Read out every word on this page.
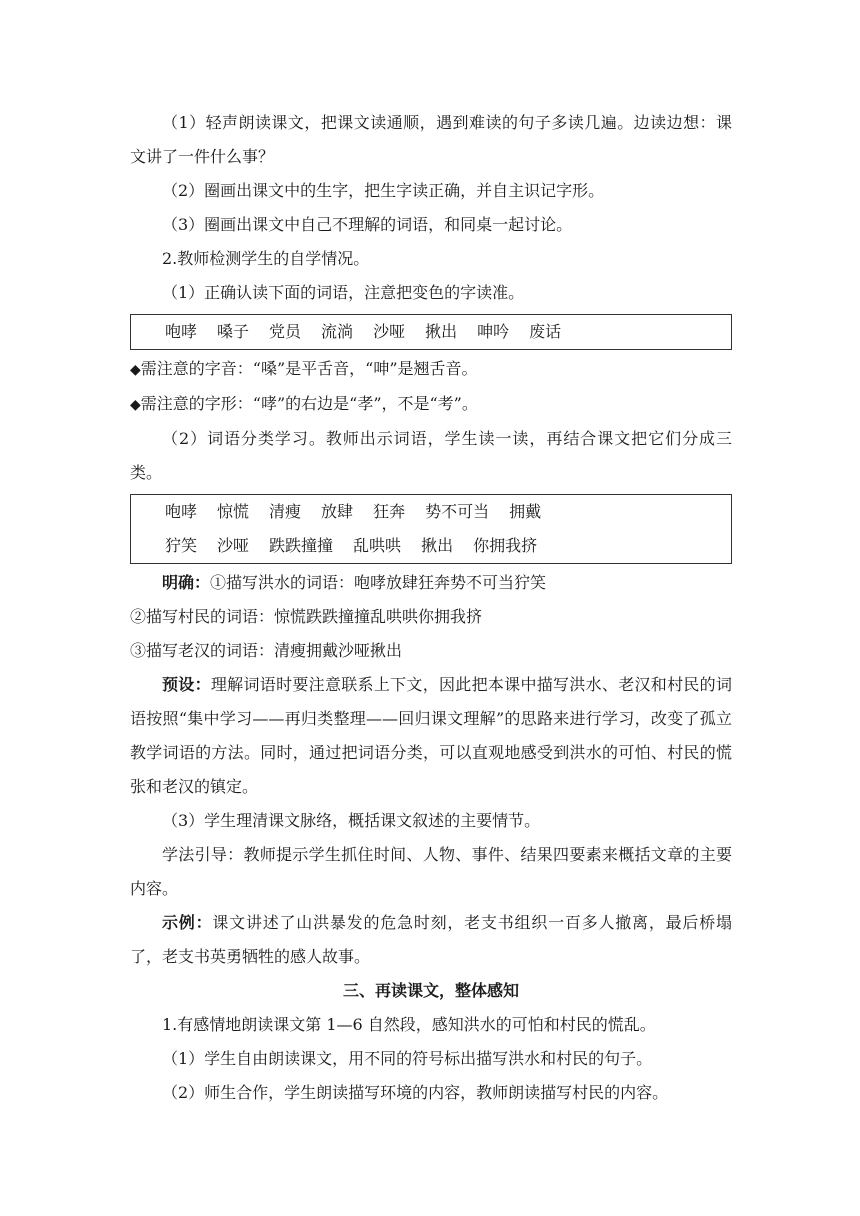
（1）轻声朗读课文，把课文读通顺，遇到难读的句子多读几遍。边读边想：课文讲了一件什么事？

（2）圈画出课文中的生字，把生字读正确，并自主识记字形。

（3）圈画出课文中自己不理解的词语，和同桌一起讨论。

2.教师检测学生的自学情况。

（1）正确认读下面的词语，注意把变色的字读准。

咆哮 嗓子 党员 流淌 沙哑 揪出 呻吟 废话

◆需注意的字音：“嗓”是平舌音，“呻”是翘舌音。

◆需注意的字形：“哮”的右边是“孝”，不是“考”。

（2）词语分类学习。教师出示词语，学生读一读，再结合课文把它们分成三类。

咆哮 惊慌 清瘦 放肆 狂奔 势不可当 拥戴
狞笑 沙哑 跌跌撞撞 乱哄哄 揪出 你拥我挤

明确：①描写洪水的词语：咆哮放肆狂奔势不可当狞笑

②描写村民的词语：惊慌跌跌撞撞乱哄哄你拥我挤

③描写老汉的词语：清瘦拥戴沙哑揪出

预设：理解词语时要注意联系上下文，因此把本课中描写洪水、老汉和村民的词语按照“集中学习——再归类整理——回归课文理解”的思路来进行学习，改变了孤立教学词语的方法。同时，通过把词语分类，可以直观地感受到洪水的可怕、村民的慌张和老汉的镇定。

（3）学生理清课文脉络，概括课文叙述的主要情节。

学法引导：教师提示学生抓住时间、人物、事件、结果四要素来概括文章的主要内容。

示例：课文讲述了山洪暴发的危急时刻，老支书组织一百多人撤离，最后桥塌了，老支书英勇牺牲的感人故事。

三、再读课文，整体感知

1.有感情地朗读课文第 1—6 自然段，感知洪水的可怕和村民的慌乱。

（1）学生自由朗读课文，用不同的符号标出描写洪水和村民的句子。

（2）师生合作，学生朗读描写环境的内容，教师朗读描写村民的内容。
